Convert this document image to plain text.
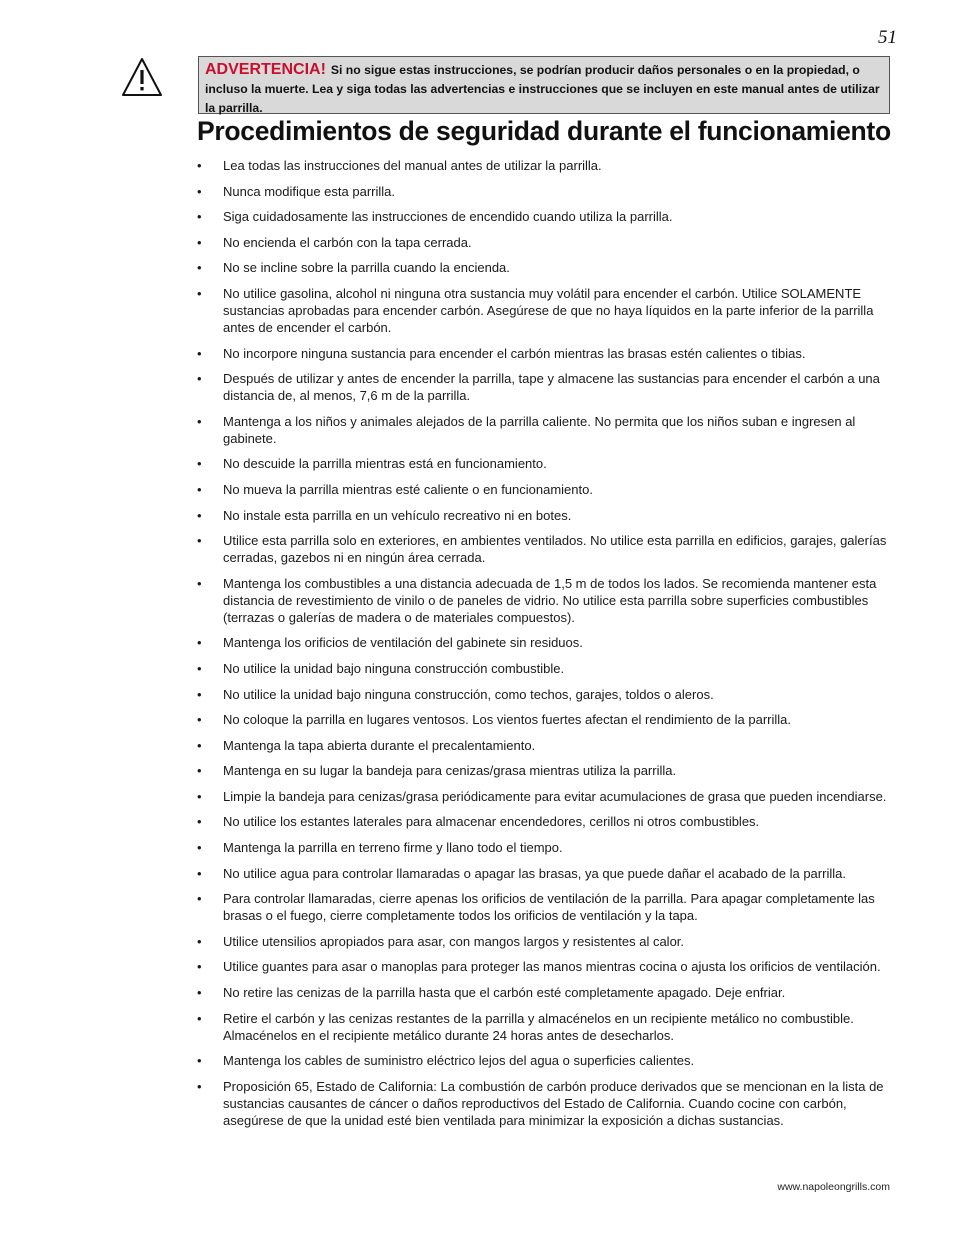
51
ADVERTENCIA! Si no sigue estas instrucciones, se podrían producir daños personales o en la propiedad, o incluso la muerte. Lea y siga todas las advertencias e instrucciones que se incluyen en este manual antes de utilizar la parrilla.
Procedimientos de seguridad durante el funcionamiento
• Lea todas las instrucciones del manual antes de utilizar la parrilla.
• Nunca modifique esta parrilla.
• Siga cuidadosamente las instrucciones de encendido cuando utiliza la parrilla.
• No encienda el carbón con la tapa cerrada.
• No se incline sobre la parrilla cuando la encienda.
• No utilice gasolina, alcohol ni ninguna otra sustancia muy volátil para encender el carbón. Utilice SOLAMENTE sustancias aprobadas para encender carbón. Asegúrese de que no haya líquidos en la parte inferior de la parrilla antes de encender el carbón.
• No incorpore ninguna sustancia para encender el carbón mientras las brasas estén calientes o tibias.
• Después de utilizar y antes de encender la parrilla, tape y almacene las sustancias para encender el carbón a una distancia de, al menos, 7,6 m de la parrilla.
• Mantenga a los niños y animales alejados de la parrilla caliente. No permita que los niños suban e ingresen al gabinete.
• No descuide la parrilla mientras está en funcionamiento.
• No mueva la parrilla mientras esté caliente o en funcionamiento.
• No instale esta parrilla en un vehículo recreativo ni en botes.
• Utilice esta parrilla solo en exteriores, en ambientes ventilados. No utilice esta parrilla en edificios, garajes, galerías cerradas, gazebos ni en ningún área cerrada.
• Mantenga los combustibles a una distancia adecuada de 1,5 m de todos los lados. Se recomienda mantener esta distancia de revestimiento de vinilo o de paneles de vidrio. No utilice esta parrilla sobre superficies combustibles (terrazas o galerías de madera o de materiales compuestos).
• Mantenga los orificios de ventilación del gabinete sin residuos.
• No utilice la unidad bajo ninguna construcción combustible.
• No utilice la unidad bajo ninguna construcción, como techos, garajes, toldos o aleros.
• No coloque la parrilla en lugares ventosos. Los vientos fuertes afectan el rendimiento de la parrilla.
• Mantenga la tapa abierta durante el precalentamiento.
• Mantenga en su lugar la bandeja para cenizas/grasa mientras utiliza la parrilla.
• Limpie la bandeja para cenizas/grasa periódicamente para evitar acumulaciones de grasa que pueden incendiarse.
• No utilice los estantes laterales para almacenar encendedores, cerillos ni otros combustibles.
• Mantenga la parrilla en terreno firme y llano todo el tiempo.
• No utilice agua para controlar llamaradas o apagar las brasas, ya que puede dañar el acabado de la parrilla.
• Para controlar llamaradas, cierre apenas los orificios de ventilación de la parrilla. Para apagar completamente las brasas o el fuego, cierre completamente todos los orificios de ventilación y la tapa.
• Utilice utensilios apropiados para asar, con mangos largos y resistentes al calor.
• Utilice guantes para asar o manoplas para proteger las manos mientras cocina o ajusta los orificios de ventilación.
• No retire las cenizas de la parrilla hasta que el carbón esté completamente apagado. Deje enfriar.
• Retire el carbón y las cenizas restantes de la parrilla y almacénelos en un recipiente metálico no combustible. Almacénelos en el recipiente metálico durante 24 horas antes de desecharlos.
• Mantenga los cables de suministro eléctrico lejos del agua o superficies calientes.
• Proposición 65, Estado de California: La combustión de carbón produce derivados que se mencionan en la lista de sustancias causantes de cáncer o daños reproductivos del Estado de California. Cuando cocine con carbón, asegúrese de que la unidad esté bien ventilada para minimizar la exposición a dichas sustancias.
www.napoleongrills.com
